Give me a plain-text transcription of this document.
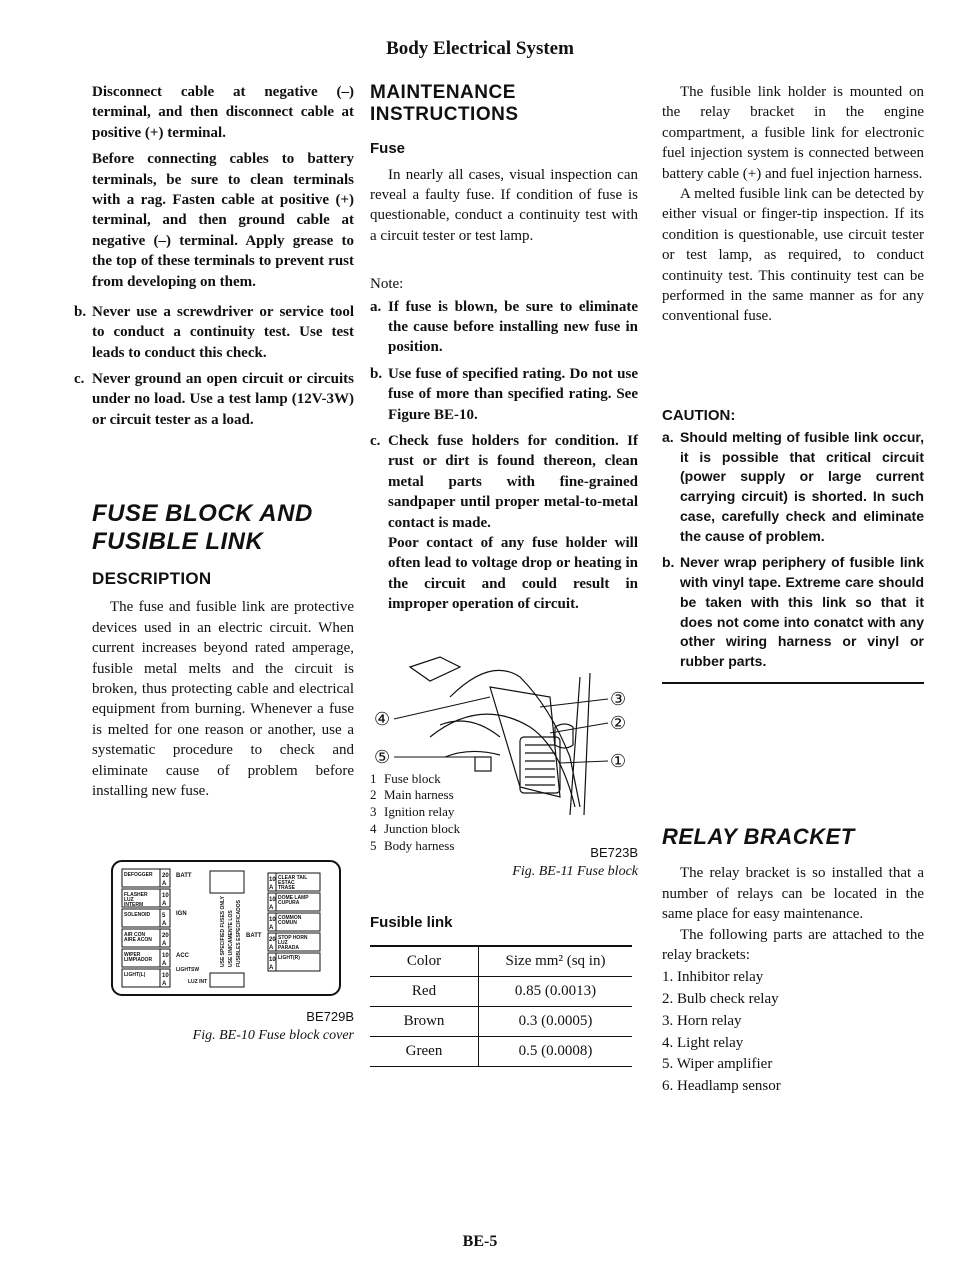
Body Electrical System

Disconnect cable at negative (–) terminal, and then disconnect cable at positive (+) terminal.

Before connecting cables to battery terminals, be sure to clean terminals with a rag. Fasten cable at positive (+) terminal, and then ground cable at negative (–) terminal. Apply grease to the top of these terminals to prevent rust from developing on them.

b. Never use a screwdriver or service tool to conduct a continuity test. Use test leads to conduct this check.
c. Never ground an open circuit or circuits under no load. Use a test lamp (12V-3W) or circuit tester as a load.
FUSE BLOCK AND
FUSIBLE LINK
DESCRIPTION

The fuse and fusible link are protective devices used in an electric circuit. When current increases beyond rated amperage, fusible metal melts and the circuit is broken, thus protecting cable and electrical equipment from burning. Whenever a fuse is melted for one reason or another, use a systematic procedure to check and eliminate cause of problem before installing new fuse.

DEFOGGER
FLASHER
LUZ
INTERM
SOLENOID
AIR CON
AIRE ACON
WIPER
LIMPIADOR
LIGHT(L)
20
A
10
A
5
A
20
A
10
A
10
A
BATT
IGN
ACC
LIGHTSW
LUZ INT
BATT
USE SPECIFIED FUSES ONLY USE UNICAMENTE LOS FUSIBLES ESPECIFICADOS
CLEAR TAIL
ESTAC
TRASE
DOME LAMP
CUPURA
COMMON
COMUN
STOP HORN
LUZ
PARADA
LIGHT(R)
10
A
10
A
10
A
20
A
10
A
BE729B
Fig. BE-10 Fuse block cover
MAINTENANCE
INSTRUCTIONS
Fuse

In nearly all cases, visual inspection can reveal a faulty fuse. If condition of fuse is questionable, conduct a continuity test with a circuit tester or test lamp.

Note:

a. If fuse is blown, be sure to eliminate the cause before installing new fuse in position.
b. Use fuse of specified rating. Do not use fuse of more than specified rating. See Figure BE-10.
c. Check fuse holders for condition. If rust or dirt is found thereon, clean metal parts with fine-grained sandpaper until proper metal-to-metal contact is made.

Poor contact of any fuse holder will often lead to voltage drop or heating in the circuit and could result in improper operation of circuit.

④
⑤
③
②
①
1 Fuse block
2 Main harness
3 Ignition relay
4 Junction block
5 Body harness	BE723B
Fig. BE-11 Fuse block
Fusible link
Color	Size mm² (sq in)
Red	0.85 (0.0013)
Brown	0.3 (0.0005)
Green	0.5 (0.0008)

The fusible link holder is mounted on the relay bracket in the engine compartment, a fusible link for electronic fuel injection system is connected between battery cable (+) and fuel injection harness.

A melted fusible link can be detected by either visual or finger-tip inspection. If its condition is questionable, use circuit tester or test lamp, as required, to conduct continuity test. This continuity test can be performed in the same manner as for any conventional fuse.

CAUTION:
a. Should melting of fusible link occur, it is possible that critical circuit (power supply or large current carrying circuit) is shorted. In such case, carefully check and eliminate the cause of problem.
b. Never wrap periphery of fusible link with vinyl tape. Extreme care should be taken with this link so that it does not come into conatct with any other wiring harness or vinyl or rubber parts.
RELAY BRACKET

The relay bracket is so installed that a number of relays can be located in the same place for easy maintenance.

The following parts are attached to the relay brackets:

1. Inhibitor relay
2. Bulb check relay
3. Horn relay
4. Light relay
5. Wiper amplifier
6. Headlamp sensor
BE-5
